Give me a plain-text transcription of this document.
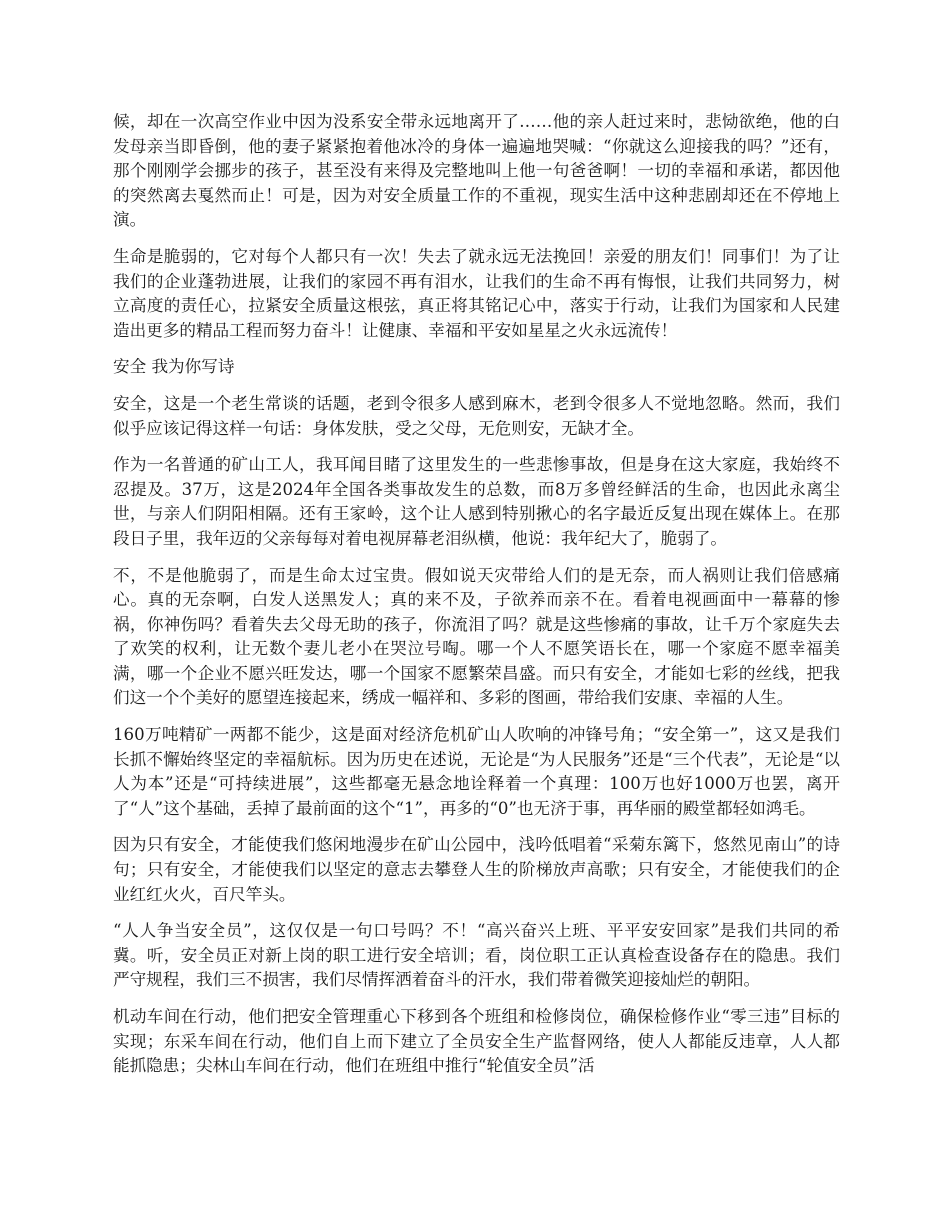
候，却在一次高空作业中因为没系安全带永远地离开了……他的亲人赶过来时，悲恸欲绝，他的白发母亲当即昏倒，他的妻子紧紧抱着他冰冷的身体一遍遍地哭喊：“你就这么迎接我的吗？”还有，那个刚刚学会挪步的孩子，甚至没有来得及完整地叫上他一句爸爸啊！一切的幸福和承诺，都因他的突然离去戛然而止！可是，因为对安全质量工作的不重视，现实生活中这种悲剧却还在不停地上演。

生命是脆弱的，它对每个人都只有一次！失去了就永远无法挽回！亲爱的朋友们！同事们！为了让我们的企业蓬勃进展，让我们的家园不再有泪水，让我们的生命不再有悔恨，让我们共同努力，树立高度的责任心，拉紧安全质量这根弦，真正将其铭记心中，落实于行动，让我们为国家和人民建造出更多的精品工程而努力奋斗！让健康、幸福和平安如星星之火永远流传！

安全 我为你写诗

安全，这是一个老生常谈的话题，老到令很多人感到麻木，老到令很多人不觉地忽略。然而，我们似乎应该记得这样一句话：身体发肤，受之父母，无危则安，无缺才全。

作为一名普通的矿山工人，我耳闻目睹了这里发生的一些悲惨事故，但是身在这大家庭，我始终不忍提及。37万，这是2024年全国各类事故发生的总数，而8万多曾经鲜活的生命，也因此永离尘世，与亲人们阴阳相隔。还有王家岭，这个让人感到特别揪心的名字最近反复出现在媒体上。在那段日子里，我年迈的父亲每每对着电视屏幕老泪纵横，他说：我年纪大了，脆弱了。

不，不是他脆弱了，而是生命太过宝贵。假如说天灾带给人们的是无奈，而人祸则让我们倍感痛心。真的无奈啊，白发人送黑发人；真的来不及，子欲养而亲不在。看着电视画面中一幕幕的惨祸，你神伤吗？看着失去父母无助的孩子，你流泪了吗？就是这些惨痛的事故，让千万个家庭失去了欢笑的权利，让无数个妻儿老小在哭泣号啕。哪一个人不愿笑语长在，哪一个家庭不愿幸福美满，哪一个企业不愿兴旺发达，哪一个国家不愿繁荣昌盛。而只有安全，才能如七彩的丝线，把我们这一个个美好的愿望连接起来，绣成一幅祥和、多彩的图画，带给我们安康、幸福的人生。

160万吨精矿一两都不能少，这是面对经济危机矿山人吹响的冲锋号角；“安全第一”，这又是我们长抓不懈始终坚定的幸福航标。因为历史在述说，无论是“为人民服务”还是“三个代表”，无论是“以人为本”还是“可持续进展”，这些都毫无悬念地诠释着一个真理：100万也好1000万也罢，离开了“人”这个基础，丢掉了最前面的这个“1”，再多的“0”也无济于事，再华丽的殿堂都轻如鸿毛。

因为只有安全，才能使我们悠闲地漫步在矿山公园中，浅吟低唱着“采菊东篱下，悠然见南山”的诗句；只有安全，才能使我们以坚定的意志去攀登人生的阶梯放声高歌；只有安全，才能使我们的企业红红火火，百尺竿头。

“人人争当安全员”，这仅仅是一句口号吗？不！“高兴奋兴上班、平平安安回家”是我们共同的希冀。听，安全员正对新上岗的职工进行安全培训；看，岗位职工正认真检查设备存在的隐患。我们严守规程，我们三不损害，我们尽情挥洒着奋斗的汗水，我们带着微笑迎接灿烂的朝阳。

机动车间在行动，他们把安全管理重心下移到各个班组和检修岗位，确保检修作业“零三违”目标的实现；东采车间在行动，他们自上而下建立了全员安全生产监督网络，使人人都能反违章，人人都能抓隐患；尖林山车间在行动，他们在班组中推行“轮值安全员”活
